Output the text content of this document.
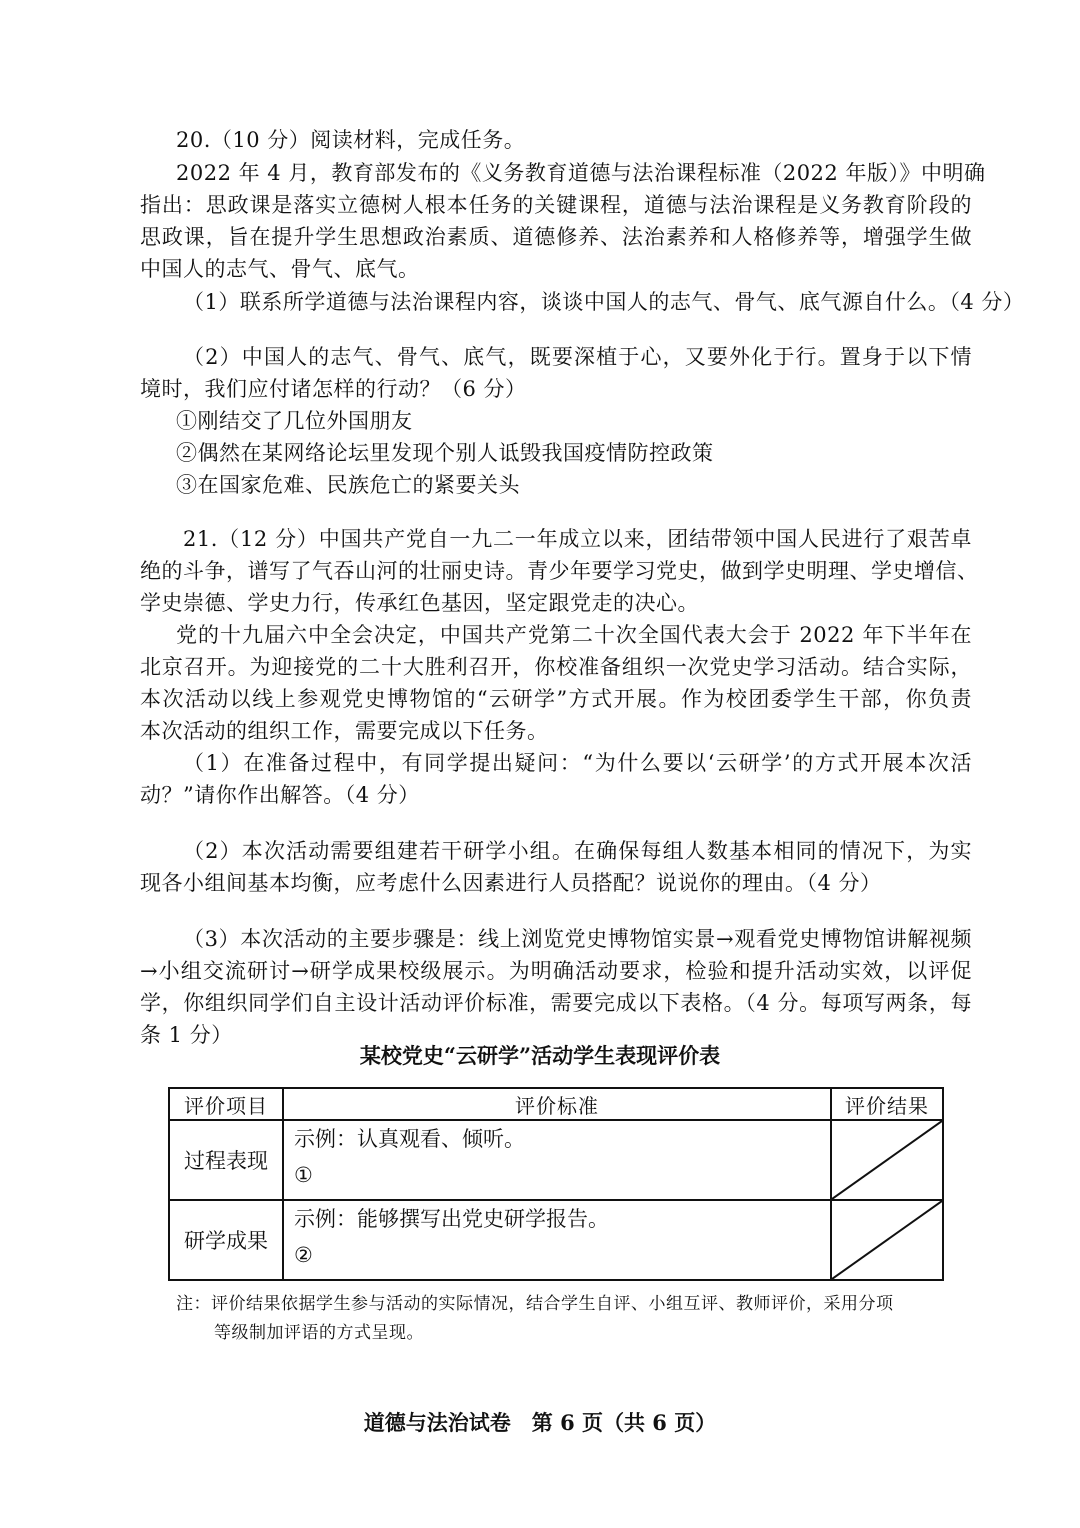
20.（10 分）阅读材料，完成任务。
2022 年 4 月，教育部发布的《义务教育道德与法治课程标准（2022 年版）》中明确
指出：思政课是落实立德树人根本任务的关键课程，道德与法治课程是义务教育阶段的
思政课，旨在提升学生思想政治素质、道德修养、法治素养和人格修养等，增强学生做
中国人的志气、骨气、底气。
（1）联系所学道德与法治课程内容，谈谈中国人的志气、骨气、底气源自什么。（4 分）
（2）中国人的志气、骨气、底气，既要深植于心，又要外化于行。置身于以下情
境时，我们应付诸怎样的行动？（6 分）
①刚结交了几位外国朋友
②偶然在某网络论坛里发现个别人诋毁我国疫情防控政策
③在国家危难、民族危亡的紧要关头
21.（12 分）中国共产党自一九二一年成立以来，团结带领中国人民进行了艰苦卓
绝的斗争，谱写了气吞山河的壮丽史诗。青少年要学习党史，做到学史明理、学史增信、
学史崇德、学史力行，传承红色基因，坚定跟党走的决心。
党的十九届六中全会决定，中国共产党第二十次全国代表大会于 2022 年下半年在
北京召开。为迎接党的二十大胜利召开，你校准备组织一次党史学习活动。结合实际，
本次活动以线上参观党史博物馆的“云研学”方式开展。作为校团委学生干部，你负责
本次活动的组织工作，需要完成以下任务。
（1）在准备过程中，有同学提出疑问：“为什么要以‘云研学’的方式开展本次活
动？”请你作出解答。（4 分）
（2）本次活动需要组建若干研学小组。在确保每组人数基本相同的情况下，为实
现各小组间基本均衡，应考虑什么因素进行人员搭配？说说你的理由。（4 分）
（3）本次活动的主要步骤是：线上浏览党史博物馆实景→观看党史博物馆讲解视频
→小组交流研讨→研学成果校级展示。为明确活动要求，检验和提升活动实效，以评促
学，你组织同学们自主设计活动评价标准，需要完成以下表格。（4 分。每项写两条，每
条 1 分）
某校党史“云研学”活动学生表现评价表
评价项目	评价标准	评价结果
过程表现	示例：认真观看、倾听。
①

研学成果	示例：能够撰写出党史研学报告。
②

注：评价结果依据学生参与活动的实际情况，结合学生自评、小组互评、教师评价，采用分项
等级制加评语的方式呈现。
道德与法治试卷　第 6 页（共 6 页）
